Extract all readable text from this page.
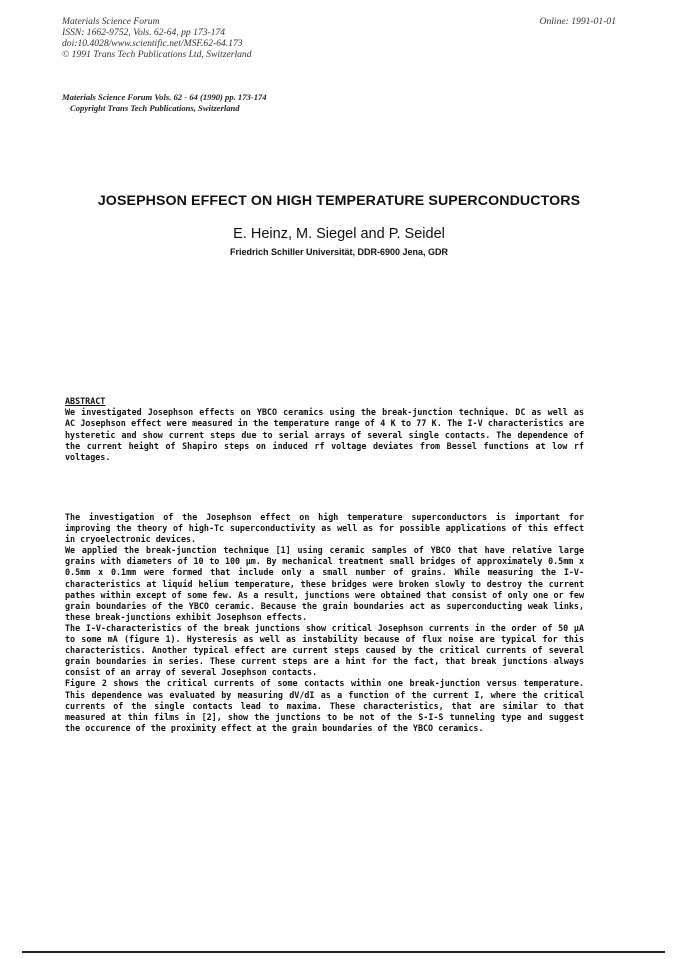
Materials Science Forum
ISSN: 1662-9752, Vols. 62-64, pp 173-174
doi:10.4028/www.scientific.net/MSF.62-64.173
© 1991 Trans Tech Publications Ltd, Switzerland
Online: 1991-01-01
Materials Science Forum Vols. 62 - 64 (1990) pp. 173-174
Copyright Trans Tech Publications, Switzerland
JOSEPHSON EFFECT ON HIGH TEMPERATURE SUPERCONDUCTORS
E. Heinz, M. Siegel and P. Seidel
Friedrich Schiller Universität, DDR-6900 Jena, GDR
ABSTRACT
We investigated Josephson effects on YBCO ceramics using the break-junction technique. DC as well as AC Josephson effect were measured in the temperature range of 4 K to 77 K. The I-V characteristics are hysteretic and show current steps due to serial arrays of several single contacts. The dependence of the current height of Shapiro steps on induced rf voltage deviates from Bessel functions at low rf voltages.

The investigation of the Josephson effect on high temperature superconductors is important for improving the theory of high-Tc superconductivity as well as for possible applications of this effect in cryoelectronic devices.

We applied the break-junction technique [1] using ceramic samples of YBCO that have relative large grains with diameters of 10 to 100 µm. By mechanical treatment small bridges of approximately 0.5mm x 0.5mm x 0.1mm were formed that include only a small number of grains. While measuring the I-V-characteristics at liquid helium temperature, these bridges were broken slowly to destroy the current pathes within except of some few. As a result, junctions were obtained that consist of only one or few grain boundaries of the YBCO ceramic. Because the grain boundaries act as superconducting weak links, these break-junctions exhibit Josephson effects.

The I-V-characteristics of the break junctions show critical Josephson currents in the order of 50 µA to some mA (figure 1). Hysteresis as well as instability because of flux noise are typical for this characteristics. Another typical effect are current steps caused by the critical currents of several grain boundaries in series. These current steps are a hint for the fact, that break junctions always consist of an array of several Josephson contacts.

Figure 2 shows the critical currents of some contacts within one break-junction versus temperature. This dependence was evaluated by measuring dV/dI as a function of the current I, where the critical currents of the single contacts lead to maxima. These characteristics, that are similar to that measured at thin films in [2], show the junctions to be not of the S-I-S tunneling type and suggest the occurence of the proximity effect at the grain boundaries of the YBCO ceramics.
